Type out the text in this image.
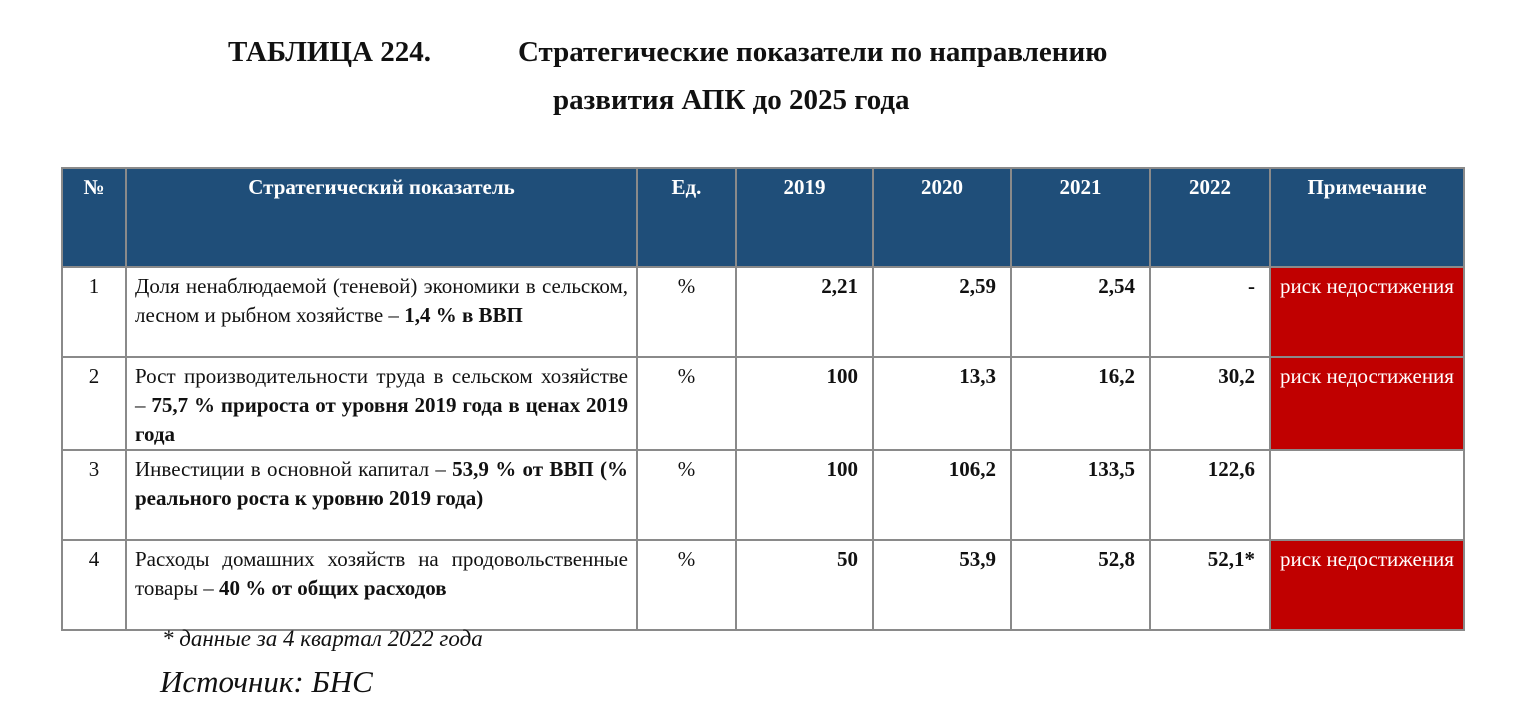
ТАБЛИЦА 224.	Стратегические показатели по направлению
развития АПК до 2025 года
№	Стратегический показатель	Ед.	2019	2020	2021	2022	Примечание
1	Доля ненаблюдаемой (теневой) экономики в сельском, лесном и рыбном хозяйстве – 1,4 % в ВВП	%	2,21	2,59	2,54	-	риск недостижения
2	Рост производительности труда в сельском хозяйстве – 75,7 % прироста от уровня 2019 года в ценах 2019 года	%	100	13,3	16,2	30,2	риск недостижения
3	Инвестиции в основной капитал – 53,9 % от ВВП (% реального роста к уровню 2019 года)	%	100	106,2	133,5	122,6	
4	Расходы домашних хозяйств на продовольственные товары – 40 % от общих расходов	%	50	53,9	52,8	52,1*	риск недостижения
* данные за 4 квартал 2022 года
Источник: БНС
